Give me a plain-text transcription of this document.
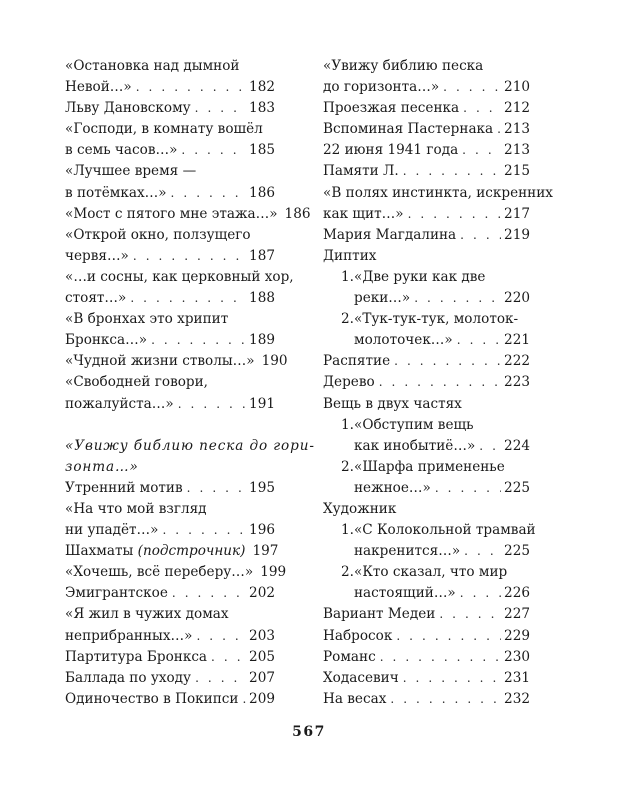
«Остановка над дымной
Невой…» . . .	182
Льву Дановскому . . .	183
«Господи, в комнату вошёл
в семь часов…» . . .	185
«Лучшее время —
в потёмках…» . . .	186
«Мост с пятого мне этажа…» 186
«Открой окно, ползущего
червя…» . . .	187
«…и сосны, как церковный хор,
стоят…» . . .	188
«В бронхах это хрипит
Бронкса…» . . .	189
«Чудной жизни стволы…» 190
«Свободней говори,
пожалуйста…» . . .	191
«Увижу библию песка до гори-
зонта…»
Утренний мотив . . .	195
«На что мой взгляд
ни упадёт…» . . .	196
Шахматы (подстрочник) 197
«Хочешь, всё переберу…» 199
Эмигрантское . . .	202
«Я жил в чужих домах
неприбранных…» . . .	203
Партитура Бронкса . . .	205
Баллада по уходу . . .	207
Одиночество в Покипси . . . 209
«Увижу библию песка
до горизонта…» . . .	210
Проезжая песенка . . .	212
Вспоминая Пастернака . . . 213
22 июня 1941 года . . .	213
Памяти Л. . . .	215
«В полях инстинкта, искренних
как щит…» . . .	217
Мария Магдалина . . .	219
Диптих
1. «Две руки как две
реки…» . . .	220
2. «Тук-тук-тук, молоток-
молоточек…» . . .	221
Распятие . . .	222
Дерево . . .	223
Вещь в двух частях
1. «Обступим вещь
как инобытиё…» . . . 224
2. «Шарфа примененье
нежное…» . . .	225
Художник
1. «С Колокольной трамвай
накренится…» . . .	225
2. «Кто сказал, что мир
настоящий…» . . .	226
Вариант Медеи . . .	227
Набросок . . .	229
Романс . . .	230
Ходасевич . . .	231
На весах . . .	232
567
